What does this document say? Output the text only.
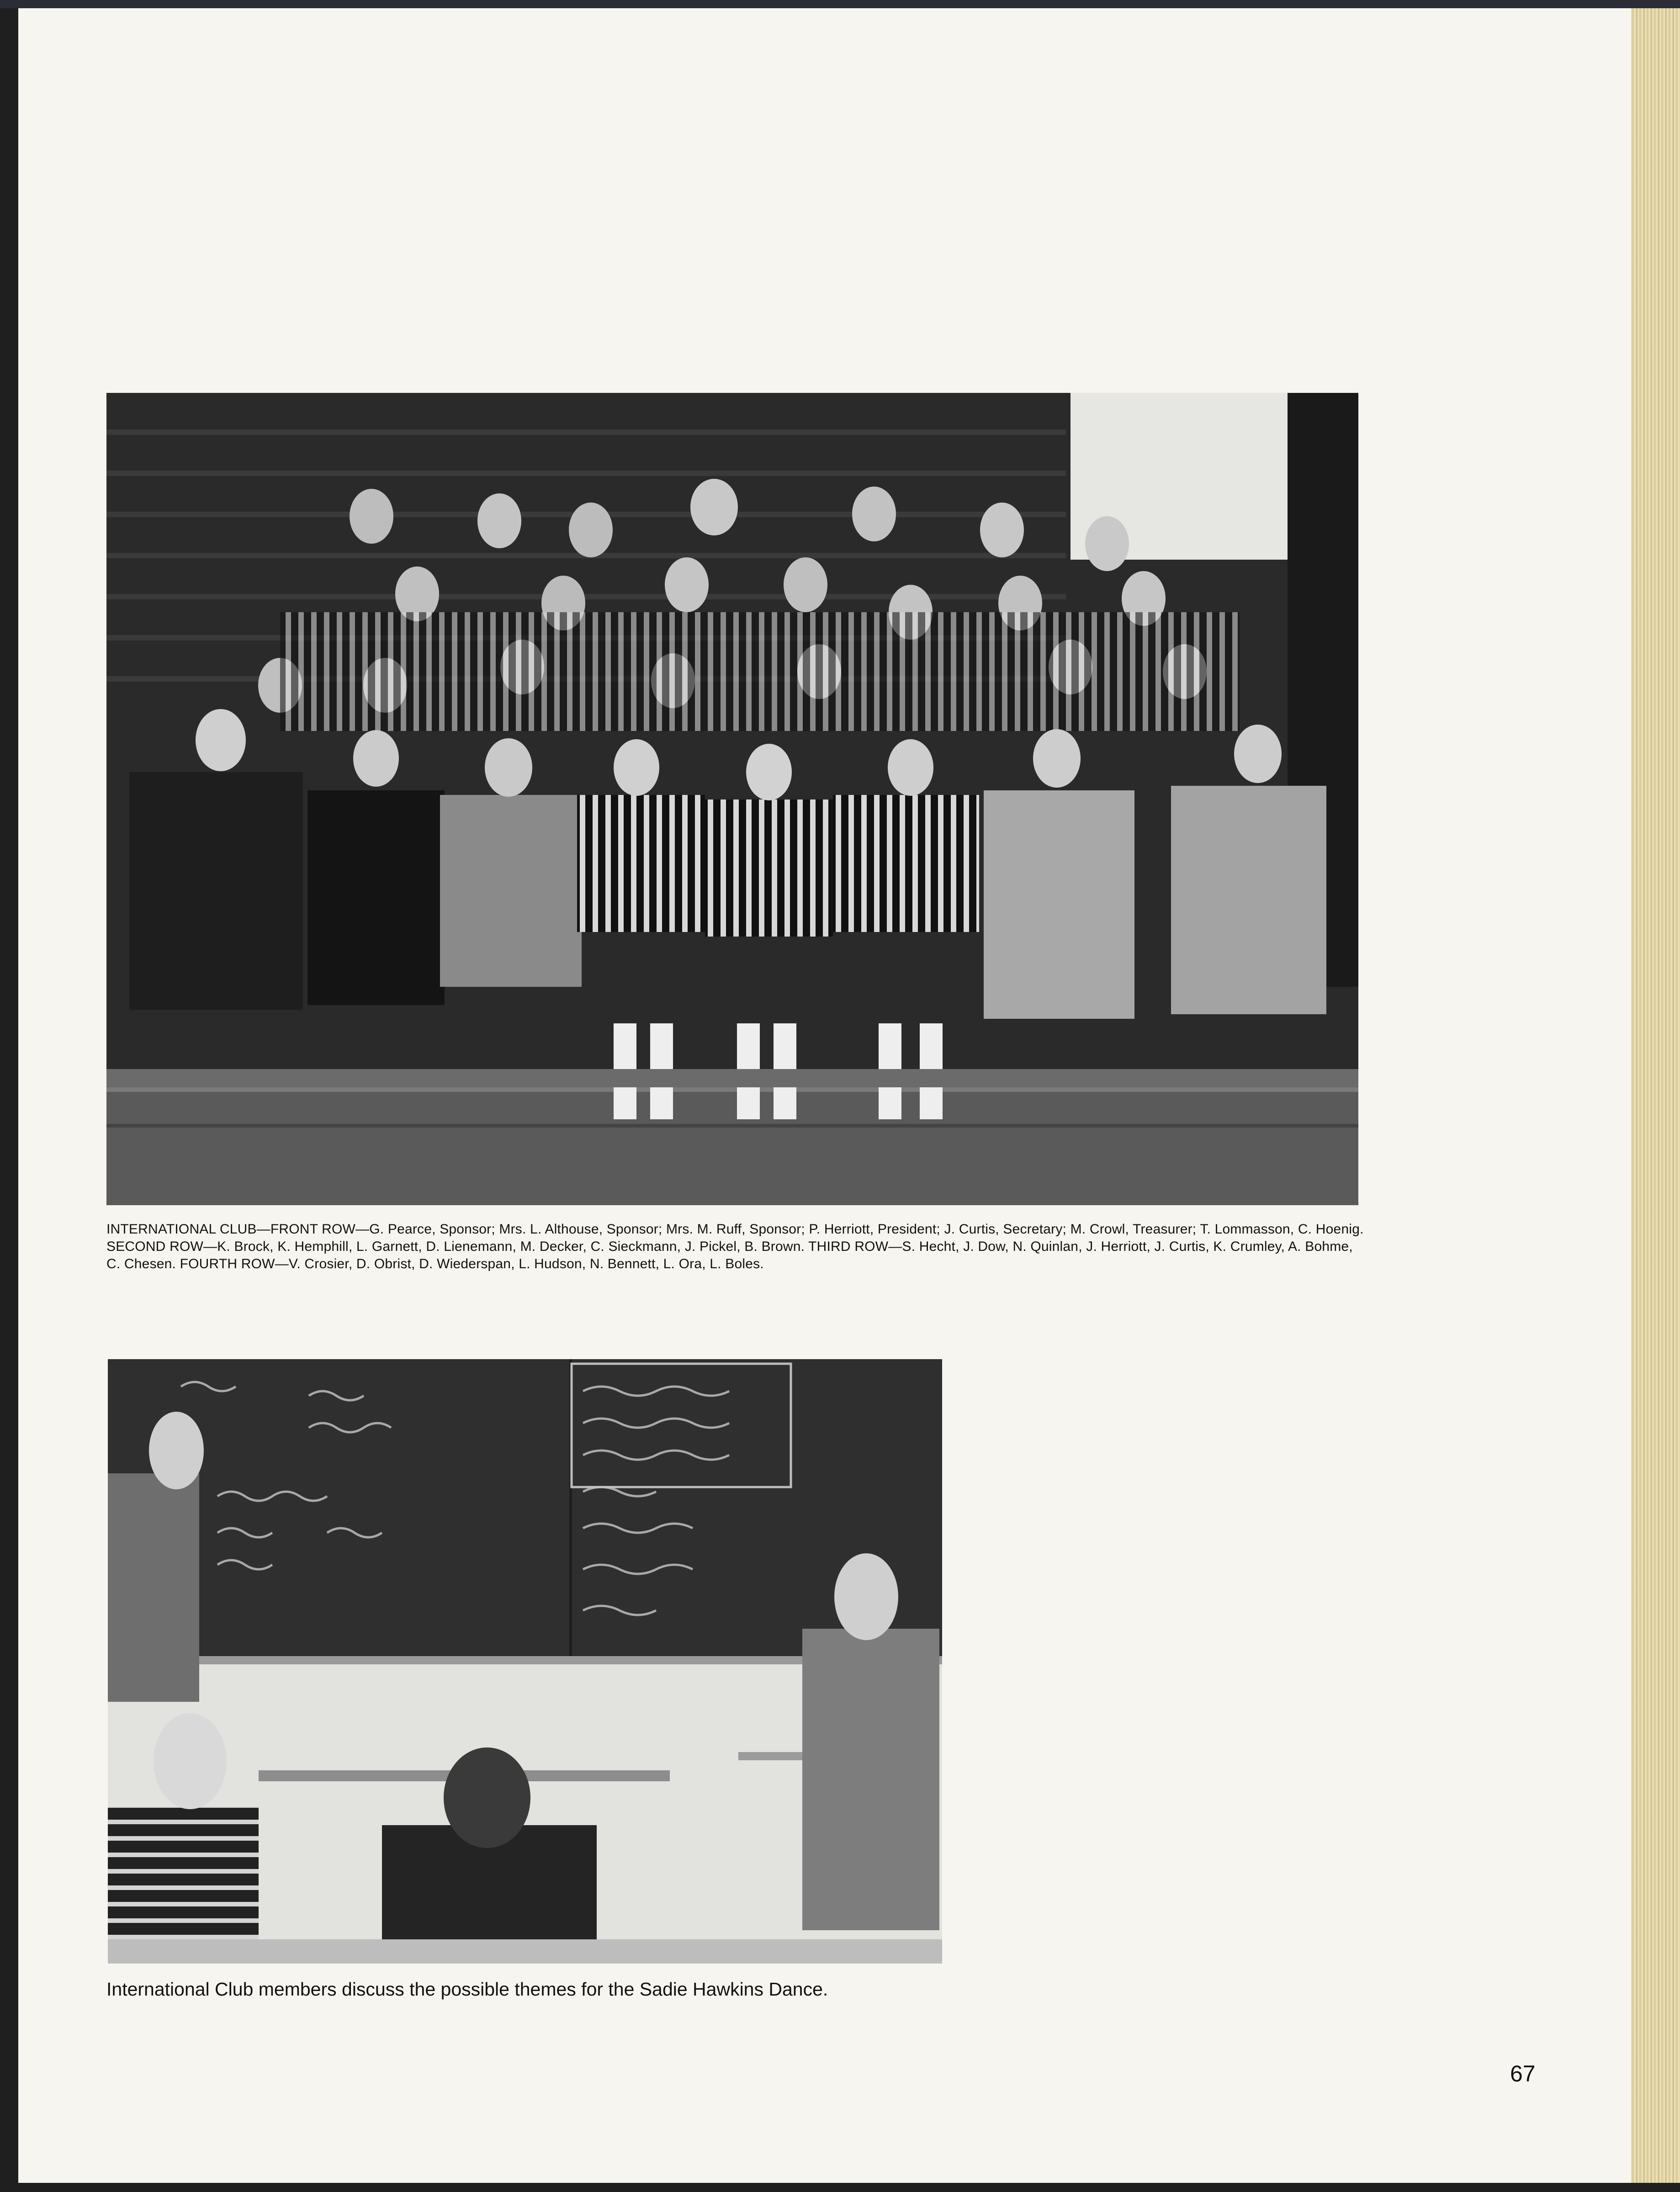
INTERNATIONAL CLUB—FRONT ROW—G. Pearce, Sponsor; Mrs. L. Althouse, Sponsor; Mrs. M. Ruff, Sponsor; P. Herriott, President; J. Curtis, Secretary; M. Crowl, Treasurer; T. Lommasson, C. Hoenig. SECOND ROW—K. Brock, K. Hemphill, L. Garnett, D. Lienemann, M. Decker, C. Sieckmann, J. Pickel, B. Brown. THIRD ROW—S. Hecht, J. Dow, N. Quinlan, J. Herriott, J. Curtis, K. Crumley, A. Bohme, C. Chesen. FOURTH ROW—V. Crosier, D. Obrist, D. Wiederspan, L. Hudson, N. Bennett, L. Ora, L. Boles.

International Club members discuss the possible themes for the Sadie Hawkins Dance.

67
